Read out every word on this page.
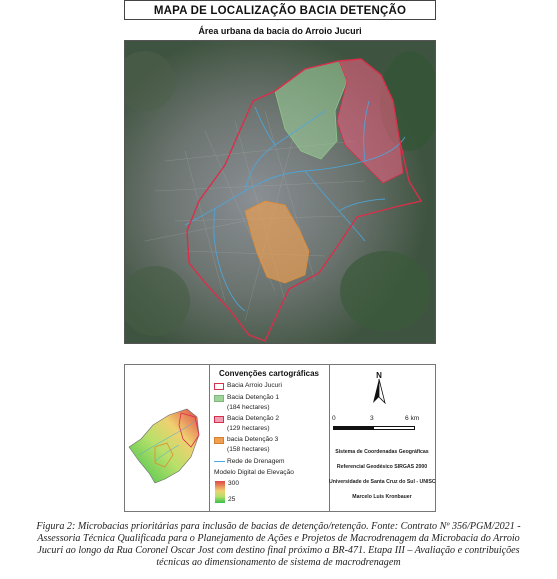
MAPA DE LOCALIZAÇÃO BACIA DETENÇÃO
Área urbana da bacia do Arroio Jucuri
Convenções cartográficas
Bacia Arroio Jucuri
Bacia Detenção 1
(184 hectares)
Bacia Detenção 2
(129 hectares)
bacia Detenção 3
(158 hectares)
Rede de Drenagem
Modelo Digital de Elevação
300
25
N
0	3	6 km
Sistema de Coordenadas Geográficas
Referencial Geodésico SIRGAS 2000
Universidade de Santa Cruz do Sul - UNISC
Marcelo Luís Kronbauer
Figura 2: Microbacias prioritárias para inclusão de bacias de detenção/retenção. Fonte: Contrato Nº 356/PGM/2021 -
Assessoria Técnica Qualificada para o Planejamento de Ações e Projetos de Macrodrenagem da Microbacia do Arroio
Jucuri ao longo da Rua Coronel Oscar Jost com destino final próximo a BR-471. Etapa III – Avaliação e contribuições
técnicas ao dimensionamento de sistema de macrodrenagem
